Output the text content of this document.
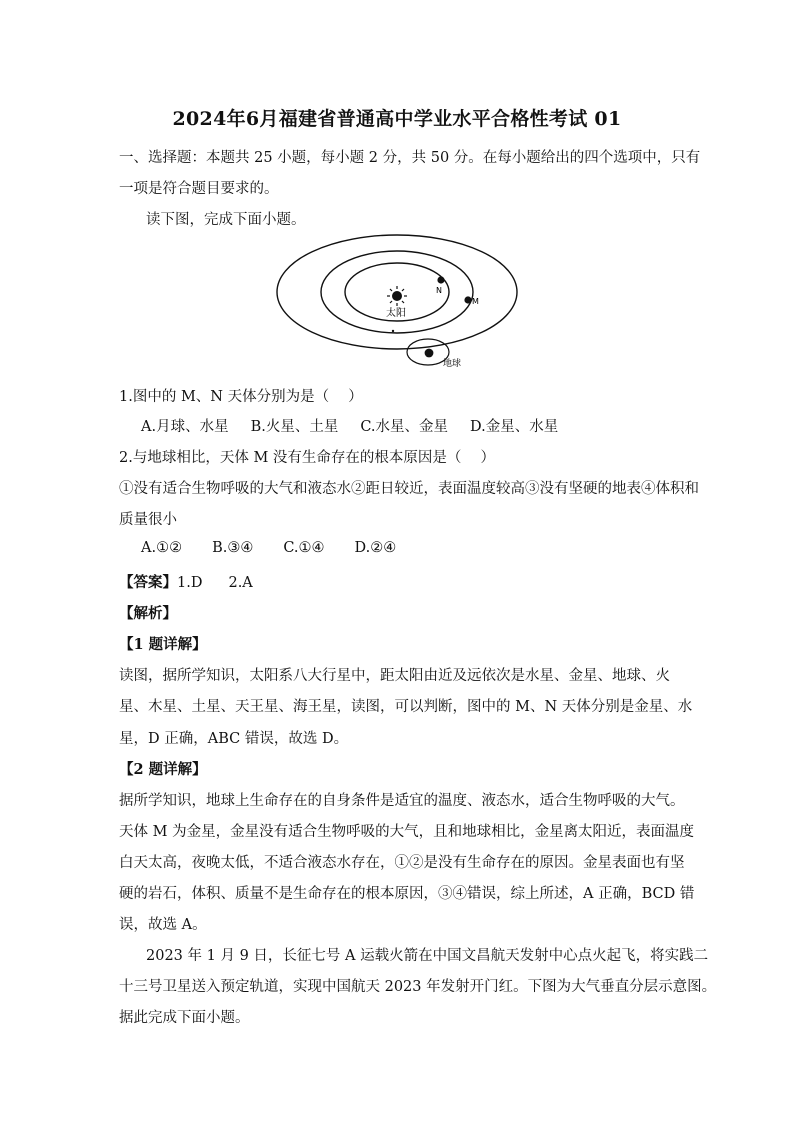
2024年6月福建省普通高中学业水平合格性考试 01
一、选择题：本题共 25 小题，每小题 2 分，共 50 分。在每小题给出的四个选项中，只有
一项是符合题目要求的。
读下图，完成下面小题。
太阳
N
M
地球
1.图中的 M、N 天体分别为是（　 ）
A.月球、水星 B.火星、土星 C.水星、金星 D.金星、水星
2.与地球相比，天体 M 没有生命存在的根本原因是（　 ）
①没有适合生物呼吸的大气和液态水②距日较近，表面温度较高③没有坚硬的地表④体积和
质量很小
A.①② B.③④ C.①④ D.②④
【答案】1.D 2.A
【解析】
【1 题详解】
读图，据所学知识，太阳系八大行星中，距太阳由近及远依次是水星、金星、地球、火
星、木星、土星、天王星、海王星，读图，可以判断，图中的 M、N 天体分别是金星、水
星，D 正确，ABC 错误，故选 D。
【2 题详解】
据所学知识，地球上生命存在的自身条件是适宜的温度、液态水，适合生物呼吸的大气。
天体 M 为金星，金星没有适合生物呼吸的大气，且和地球相比，金星离太阳近，表面温度
白天太高，夜晚太低，不适合液态水存在，①②是没有生命存在的原因。金星表面也有坚
硬的岩石，体积、质量不是生命存在的根本原因，③④错误，综上所述，A 正确，BCD 错
误，故选 A。
2023 年 1 月 9 日，长征七号 A 运载火箭在中国文昌航天发射中心点火起飞，将实践二
十三号卫星送入预定轨道，实现中国航天 2023 年发射开门红。下图为大气垂直分层示意图。
据此完成下面小题。
